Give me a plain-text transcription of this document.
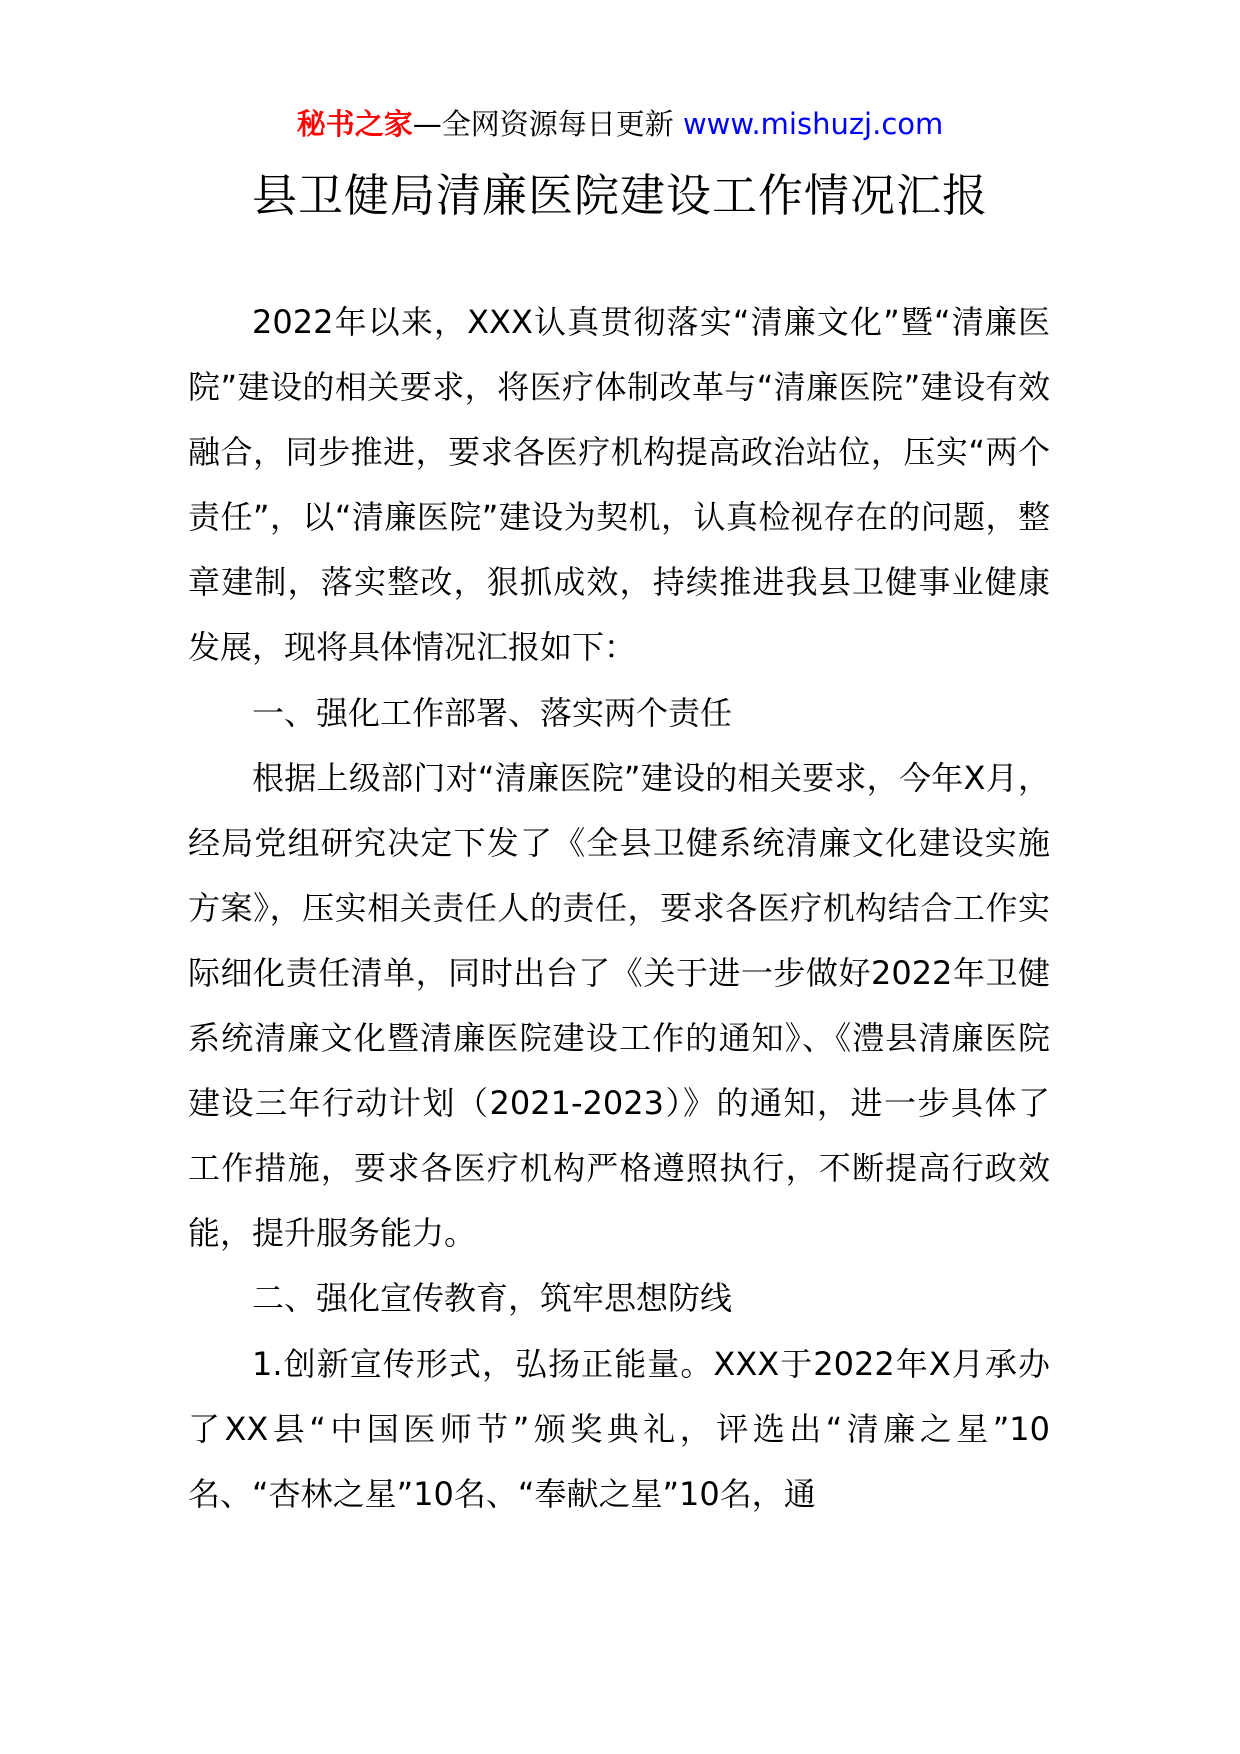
秘书之家—全网资源每日更新 www.mishuzj.com
县卫健局清廉医院建设工作情况汇报

2022年以来，XXX认真贯彻落实“清廉文化”暨“清廉医院”建设的相关要求，将医疗体制改革与“清廉医院”建设有效融合，同步推进，要求各医疗机构提高政治站位，压实“两个责任”，以“清廉医院”建设为契机，认真检视存在的问题，整章建制，落实整改，狠抓成效，持续推进我县卫健事业健康发展，现将具体情况汇报如下：

一、强化工作部署、落实两个责任

根据上级部门对“清廉医院”建设的相关要求，今年X月，经局党组研究决定下发了《全县卫健系统清廉文化建设实施方案》，压实相关责任人的责任，要求各医疗机构结合工作实际细化责任清单，同时出台了《关于进一步做好2022年卫健系统清廉文化暨清廉医院建设工作的通知》、《澧县清廉医院建设三年行动计划（2021-2023）》的通知，进一步具体了工作措施，要求各医疗机构严格遵照执行，不断提高行政效能，提升服务能力。

二、强化宣传教育，筑牢思想防线

1.创新宣传形式，弘扬正能量。XXX于2022年X月承办了XX县“中国医师节”颁奖典礼，评选出“清廉之星”10名、“杏林之星”10名、“奉献之星”10名，通
